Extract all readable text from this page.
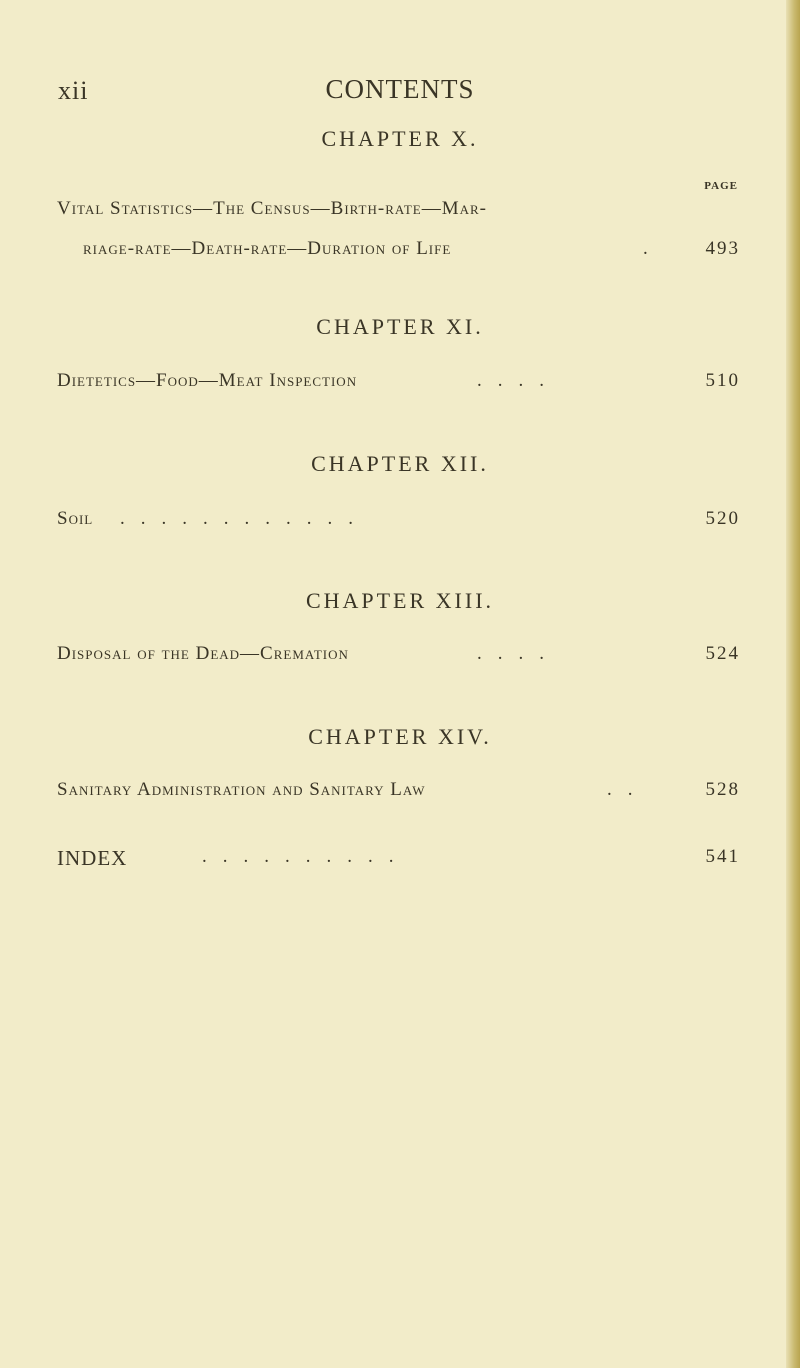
xii	CONTENTS
CHAPTER X.
PAGE
Vital Statistics—The Census—Birth-rate—Mar-
riage-rate—Death-rate—Duration of Life	. 493
CHAPTER XI.
Dietetics—Food—Meat Inspection	....	510
CHAPTER XII.
Soil ............	520
CHAPTER XIII.
Disposal of the Dead—Cremation	....	524
CHAPTER XIV.
Sanitary Administration and Sanitary Law	..	528
INDEX	..........	541
